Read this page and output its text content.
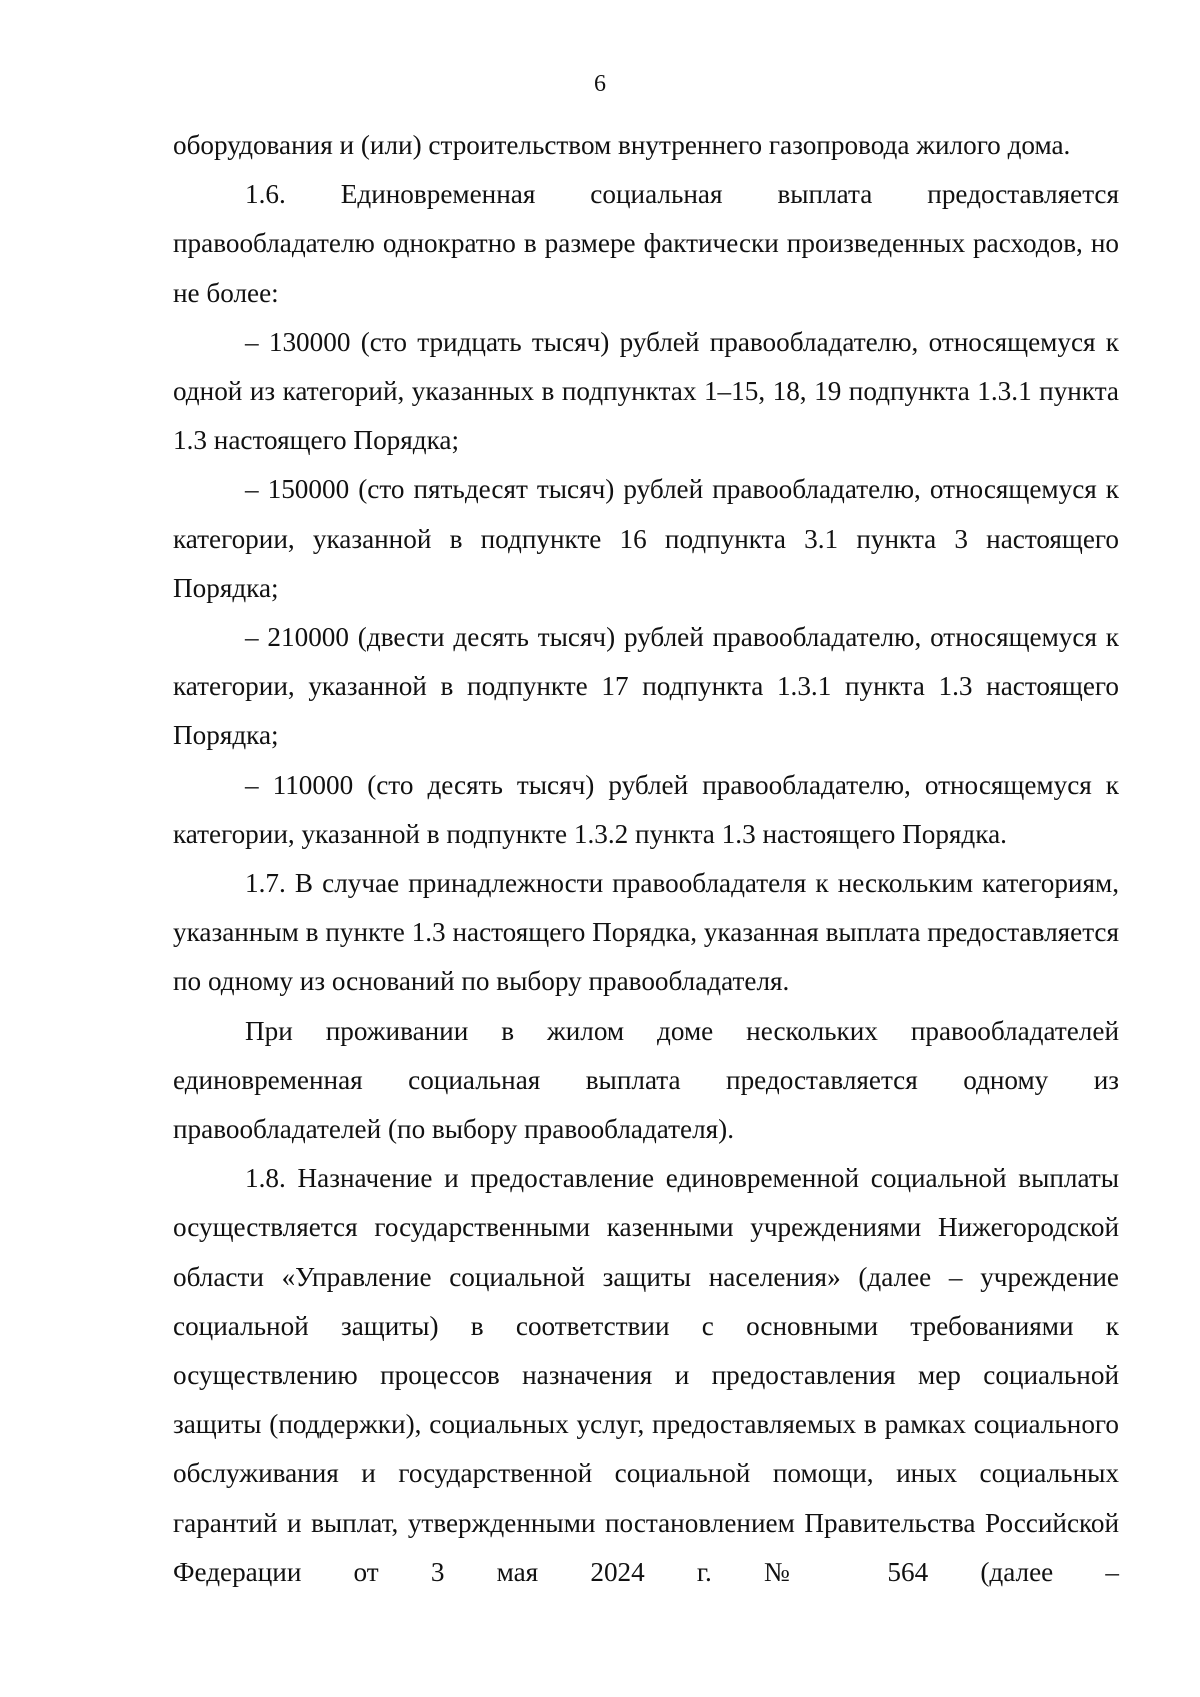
6

оборудования и (или) строительством внутреннего газопровода жилого дома.

1.6. Единовременная социальная выплата предоставляется правообладателю однократно в размере фактически произведенных расходов, но не более:

– 130000 (сто тридцать тысяч) рублей правообладателю, относящемуся к одной из категорий, указанных в подпунктах 1–15, 18, 19 подпункта 1.3.1 пункта 1.3 настоящего Порядка;

– 150000 (сто пятьдесят тысяч) рублей правообладателю, относящемуся к категории, указанной в подпункте 16 подпункта 3.1 пункта 3 настоящего Порядка;

– 210000 (двести десять тысяч) рублей правообладателю, относящемуся к категории, указанной в подпункте 17 подпункта 1.3.1 пункта 1.3 настоящего Порядка;

– 110000 (сто десять тысяч) рублей правообладателю, относящемуся к категории, указанной в подпункте 1.3.2 пункта 1.3 настоящего Порядка.

1.7. В случае принадлежности правообладателя к нескольким категориям, указанным в пункте 1.3 настоящего Порядка, указанная выплата предоставляется по одному из оснований по выбору правообладателя.

При проживании в жилом доме нескольких правообладателей единовременная социальная выплата предоставляется одному из правообладателей (по выбору правообладателя).

1.8. Назначение и предоставление единовременной социальной выплаты осуществляется государственными казенными учреждениями Нижегородской области «Управление социальной защиты населения» (далее – учреждение социальной защиты) в соответствии с основными требованиями к осуществлению процессов назначения и предоставления мер социальной защиты (поддержки), социальных услуг, предоставляемых в рамках социального обслуживания и государственной социальной помощи, иных социальных гарантий и выплат, утвержденными постановлением Правительства Российской Федерации от 3 мая 2024 г. № 564 (далее –
